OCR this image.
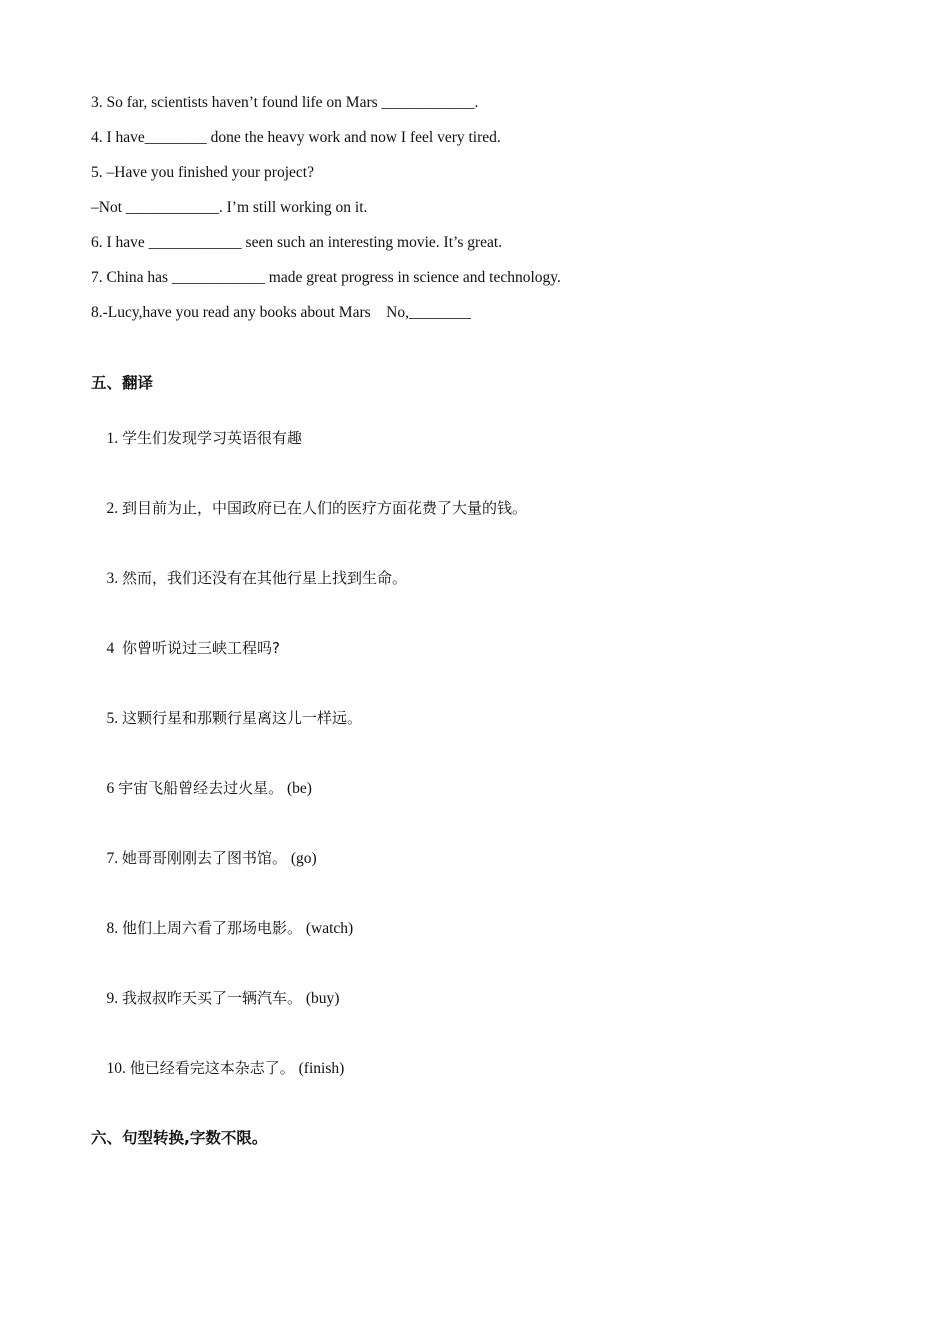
3. So far, scientists haven’t found life on Mars ____________.
4. I have________ done the heavy work and now I feel very tired.
5. –Have you finished your project?
–Not ____________. I’m still working on it.
6. I have ____________ seen such an interesting movie. It’s great.
7. China has ____________ made great progress in science and technology.
8.-Lucy,have you read any books about Mars    No,________
五、翻译

1. 学生们发现学习英语很有趣

2. 到目前为止，中国政府已在人们的医疗方面花费了大量的钱。

3. 然而，我们还没有在其他行星上找到生命。

4  你曾听说过三峡工程吗?

5. 这颗行星和那颗行星离这儿一样远。

6 宇宙飞船曾经去过火星。 (be)

7. 她哥哥刚刚去了图书馆。 (go)

8. 他们上周六看了那场电影。 (watch)

9. 我叔叔昨天买了一辆汽车。 (buy)

10. 他已经看完这本杂志了。 (finish)

六、句型转换,字数不限。
